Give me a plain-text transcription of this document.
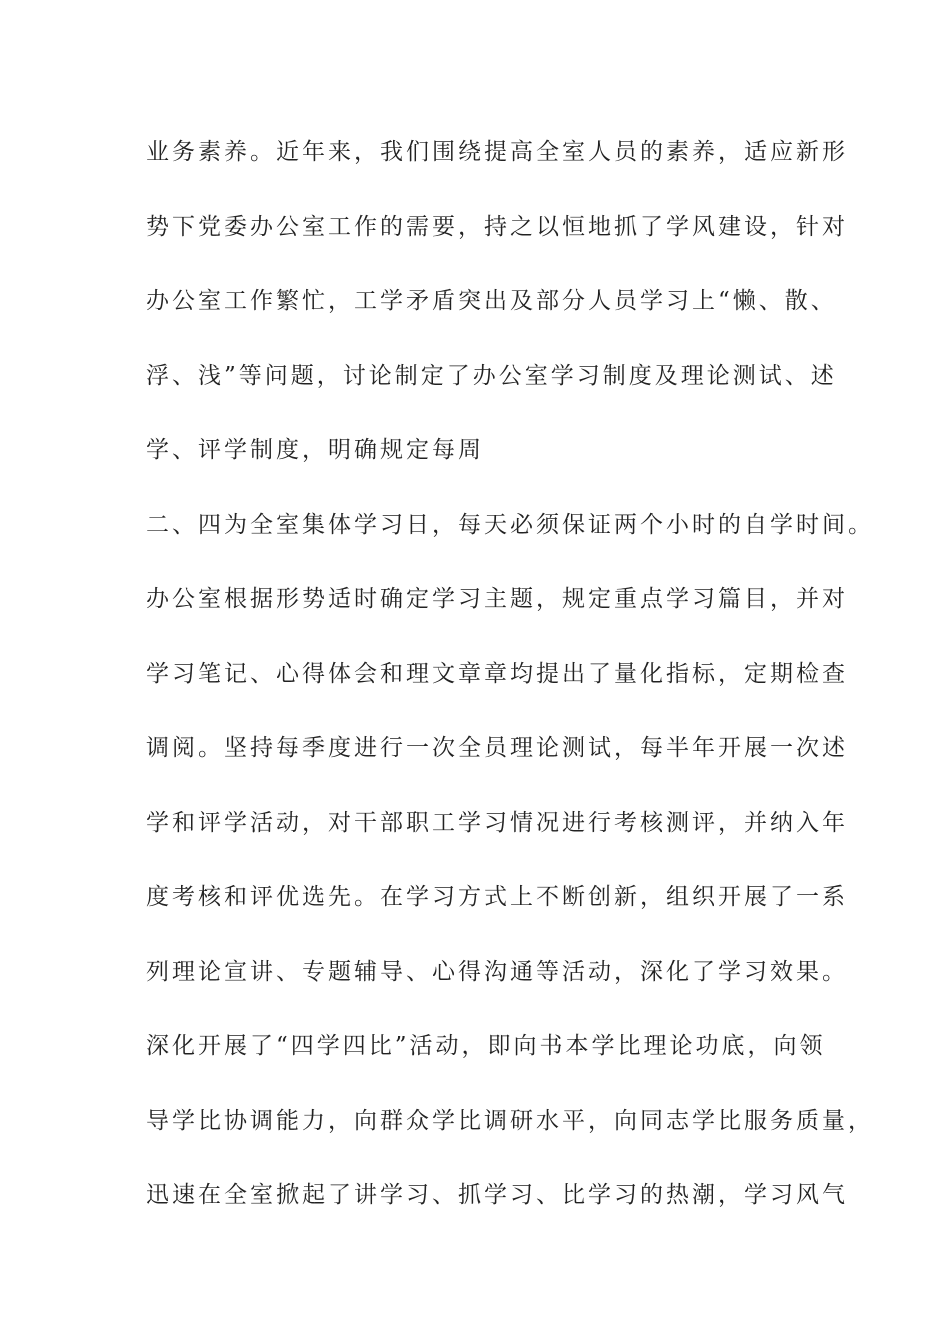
业务素养。近年来，我们围绕提高全室人员的素养，适应新形
势下党委办公室工作的需要，持之以恒地抓了学风建设，针对
办公室工作繁忙，工学矛盾突出及部分人员学习上“懒、散、
浮、浅”等问题，讨论制定了办公室学习制度及理论测试、述
学、评学制度，明确规定每周
二、四为全室集体学习日，每天必须保证两个小时的自学时间。
办公室根据形势适时确定学习主题，规定重点学习篇目，并对
学习笔记、心得体会和理文章章均提出了量化指标，定期检查
调阅。坚持每季度进行一次全员理论测试，每半年开展一次述
学和评学活动，对干部职工学习情况进行考核测评，并纳入年
度考核和评优选先。在学习方式上不断创新，组织开展了一系
列理论宣讲、专题辅导、心得沟通等活动，深化了学习效果。
深化开展了“四学四比”活动，即向书本学比理论功底，向领
导学比协调能力，向群众学比调研水平，向同志学比服务质量，
迅速在全室掀起了讲学习、抓学习、比学习的热潮，学习风气
